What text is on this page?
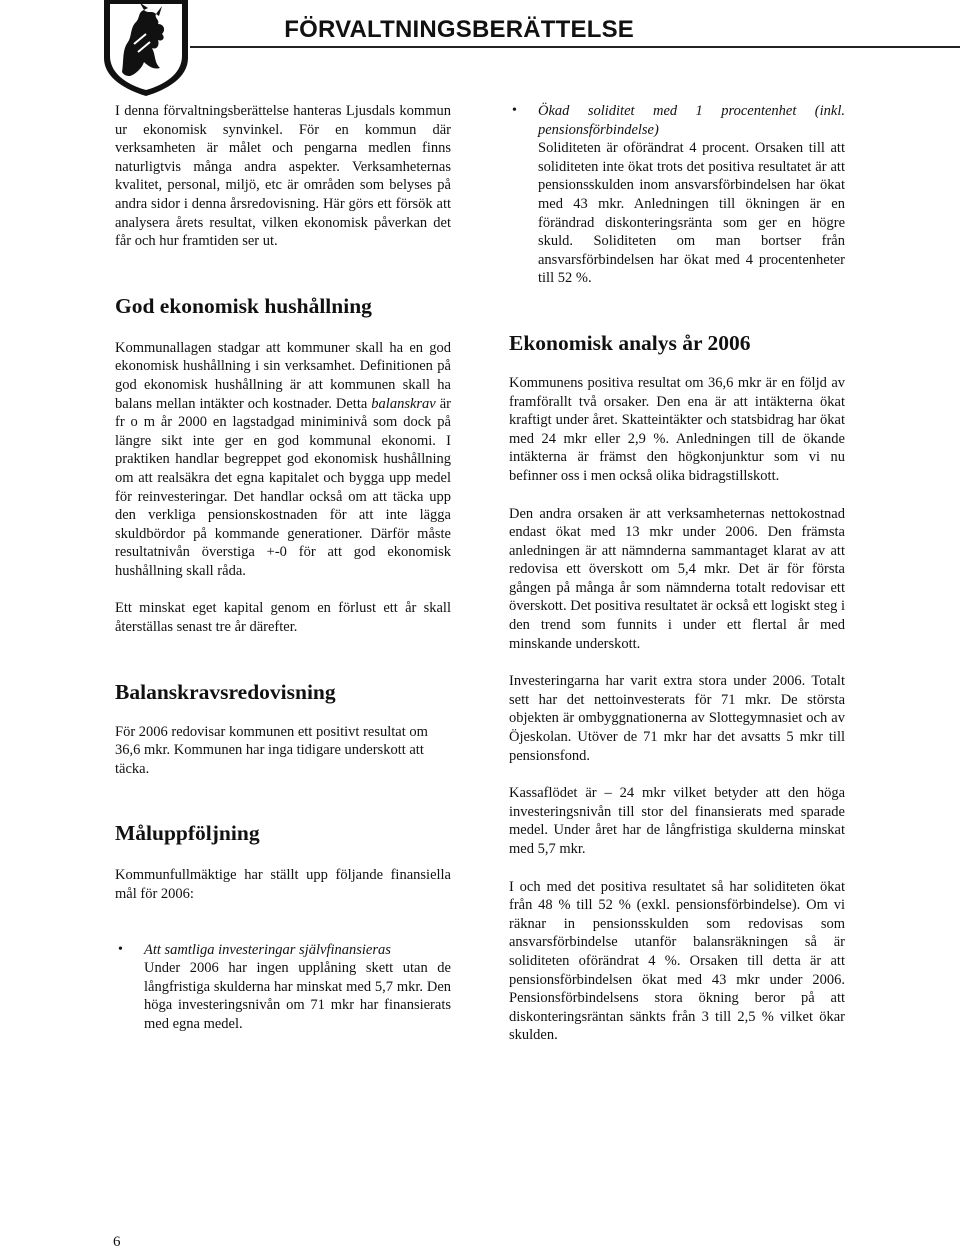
FÖRVALTNINGSBERÄTTELSE

I denna förvaltningsberättelse hanteras Ljusdals kommun ur ekonomisk synvinkel. För en kommun där verksamheten är målet och pengarna medlen finns naturligtvis många andra aspekter. Verksamheternas kvalitet, personal, miljö, etc är områden som belyses på andra sidor i denna årsredovisning. Här görs ett försök att analysera årets resultat, vilken ekonomisk påverkan det får och hur framtiden ser ut.

God ekonomisk hushållning

Kommunallagen stadgar att kommuner skall ha en god ekonomisk hushållning i sin verksamhet. Definitionen på god ekonomisk hushållning är att kommunen skall ha balans mellan intäkter och kostnader. Detta balanskrav är fr o m år 2000 en lagstadgad miniminivå som dock på längre sikt inte ger en god kommunal ekonomi. I praktiken handlar begreppet god ekonomisk hushållning om att realsäkra det egna kapitalet och bygga upp medel för reinvesteringar. Det handlar också om att täcka upp den verkliga pensionskostnaden för att inte lägga skuldbördor på kommande generationer. Därför måste resultatnivån överstiga +-0 för att god ekonomisk hushållning skall råda.

Ett minskat eget kapital genom en förlust ett år skall återställas senast tre år därefter.

Balanskravsredovisning

För 2006 redovisar kommunen ett positivt resultat om 36,6 mkr. Kommunen har inga tidigare underskott att täcka.

Måluppföljning

Kommunfullmäktige har ställt upp följande finansiella mål för 2006:

• Att samtliga investeringar självfinansieras

Under 2006 har ingen upplåning skett utan de långfristiga skulderna har minskat med 5,7 mkr. Den höga investeringsnivån om 71 mkr har finansierats med egna medel.

• Ökad soliditet med 1 procentenhet (inkl. pensionsförbindelse)

Soliditeten är oförändrat 4 procent. Orsaken till att soliditeten inte ökat trots det positiva resultatet är att pensionsskulden inom ansvarsförbindelsen har ökat med 43 mkr. Anledningen till ökningen är en förändrad diskonteringsränta som ger en högre skuld. Soliditeten om man bortser från ansvarsförbindelsen har ökat med 4 procentenheter till 52 %.

Ekonomisk analys år 2006

Kommunens positiva resultat om 36,6 mkr är en följd av framförallt två orsaker. Den ena är att intäkterna ökat kraftigt under året. Skatteintäkter och statsbidrag har ökat med 24 mkr eller 2,9 %. Anledningen till de ökande intäkterna är främst den högkonjunktur som vi nu befinner oss i men också olika bidragstillskott.

Den andra orsaken är att verksamheternas nettokostnad endast ökat med 13 mkr under 2006. Den främsta anledningen är att nämnderna sammantaget klarat av att redovisa ett överskott om 5,4 mkr. Det är för första gången på många år som nämnderna totalt redovisar ett överskott. Det positiva resultatet är också ett logiskt steg i den trend som funnits i under ett flertal år med minskande underskott.

Investeringarna har varit extra stora under 2006. Totalt sett har det nettoinvesterats för 71 mkr. De största objekten är ombyggnationerna av Slottegymnasiet och av Öjeskolan. Utöver de 71 mkr har det avsatts 5 mkr till pensionsfond.

Kassaflödet är – 24 mkr vilket betyder att den höga investeringsnivån till stor del finansierats med sparade medel. Under året har de långfristiga skulderna minskat med 5,7 mkr.

I och med det positiva resultatet så har soliditeten ökat från 48 % till 52 % (exkl. pensionsförbindelse). Om vi räknar in pensionsskulden som redovisas som ansvarsförbindelse utanför balansräkningen så är soliditeten oförändrat 4 %. Orsaken till detta är att pensionsförbindelsen ökat med 43 mkr under 2006. Pensionsförbindelsens stora ökning beror på att diskonteringsräntan sänkts från 3 till 2,5 % vilket ökar skulden.

6
